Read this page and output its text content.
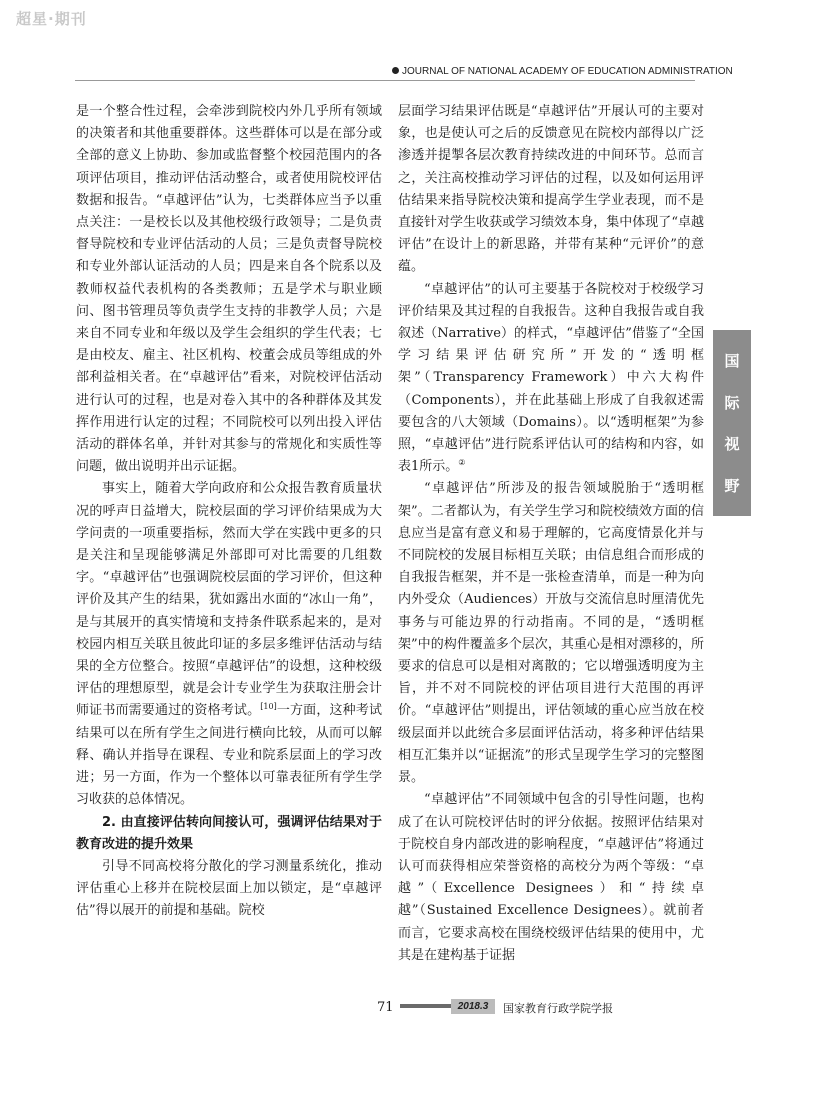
超星·期刊
JOURNAL OF NATIONAL ACADEMY OF EDUCATION ADMINISTRATION

是一个整合性过程，会牵涉到院校内外几乎所有领域的决策者和其他重要群体。这些群体可以是在部分或全部的意义上协助、参加或监督整个校园范围内的各项评估项目，推动评估活动整合，或者使用院校评估数据和报告。“卓越评估”认为，七类群体应当予以重点关注：一是校长以及其他校级行政领导；二是负责督导院校和专业评估活动的人员；三是负责督导院校和专业外部认证活动的人员；四是来自各个院系以及教师权益代表机构的各类教师；五是学术与职业顾问、图书管理员等负责学生支持的非教学人员；六是来自不同专业和年级以及学生会组织的学生代表；七是由校友、雇主、社区机构、校董会成员等组成的外部利益相关者。在“卓越评估”看来，对院校评估活动进行认可的过程，也是对卷入其中的各种群体及其发挥作用进行认定的过程；不同院校可以列出投入评估活动的群体名单，并针对其参与的常规化和实质性等问题，做出说明并出示证据。

事实上，随着大学向政府和公众报告教育质量状况的呼声日益增大，院校层面的学习评价结果成为大学问责的一项重要指标，然而大学在实践中更多的只是关注和呈现能够满足外部即可对比需要的几组数字。“卓越评估”也强调院校层面的学习评价，但这种评价及其产生的结果，犹如露出水面的“冰山一角”，是与其展开的真实情境和支持条件联系起来的，是对校园内相互关联且彼此印证的多层多维评估活动与结果的全方位整合。按照“卓越评估”的设想，这种校级评估的理想原型，就是会计专业学生为获取注册会计师证书而需要通过的资格考试。[10]一方面，这种考试结果可以在所有学生之间进行横向比较，从而可以解释、确认并指导在课程、专业和院系层面上的学习改进；另一方面，作为一个整体以可靠表征所有学生学习收获的总体情况。

2. 由直接评估转向间接认可，强调评估结果对于教育改进的提升效果

引导不同高校将分散化的学习测量系统化，推动评估重心上移并在院校层面上加以锁定，是“卓越评估”得以展开的前提和基础。院校

层面学习结果评估既是“卓越评估”开展认可的主要对象，也是使认可之后的反馈意见在院校内部得以广泛渗透并提掣各层次教育持续改进的中间环节。总而言之，关注高校推动学习评估的过程，以及如何运用评估结果来指导院校决策和提高学生学业表现，而不是直接针对学生收获或学习绩效本身，集中体现了“卓越评估”在设计上的新思路，并带有某种“元评价”的意蕴。

“卓越评估”的认可主要基于各院校对于校级学习评价结果及其过程的自我报告。这种自我报告或自我叙述（Narrative）的样式，“卓越评估”借鉴了“全国学习结果评估研究所”开发的“透明框架”（Transparency Framework）中六大构件（Components），并在此基础上形成了自我叙述需要包含的八大领域（Domains）。以“透明框架”为参照，“卓越评估”进行院系评估认可的结构和内容，如表1所示。②

“卓越评估”所涉及的报告领域脱胎于“透明框架”。二者都认为，有关学生学习和院校绩效方面的信息应当是富有意义和易于理解的，它高度情景化并与不同院校的发展目标相互关联；由信息组合而形成的自我报告框架，并不是一张检查清单，而是一种为向内外受众（Audiences）开放与交流信息时厘清优先事务与可能边界的行动指南。不同的是，“透明框架”中的构件覆盖多个层次，其重心是相对漂移的，所要求的信息可以是相对离散的；它以增强透明度为主旨，并不对不同院校的评估项目进行大范围的再评价。“卓越评估”则提出，评估领域的重心应当放在校级层面并以此统合多层面评估活动，将多种评估结果相互汇集并以“证据流”的形式呈现学生学习的完整图景。

“卓越评估”不同领域中包含的引导性问题，也构成了在认可院校评估时的评分依据。按照评估结果对于院校自身内部改进的影响程度，“卓越评估”将通过认可而获得相应荣誉资格的高校分为两个等级：“卓越”（Excellence Designees）和“持续卓越”（Sustained Excellence Designees）。就前者而言，它要求高校在围绕校级评估结果的使用中，尤其是在建构基于证据

国
际
视
野
71	2018.3	国家教育行政学院学报
